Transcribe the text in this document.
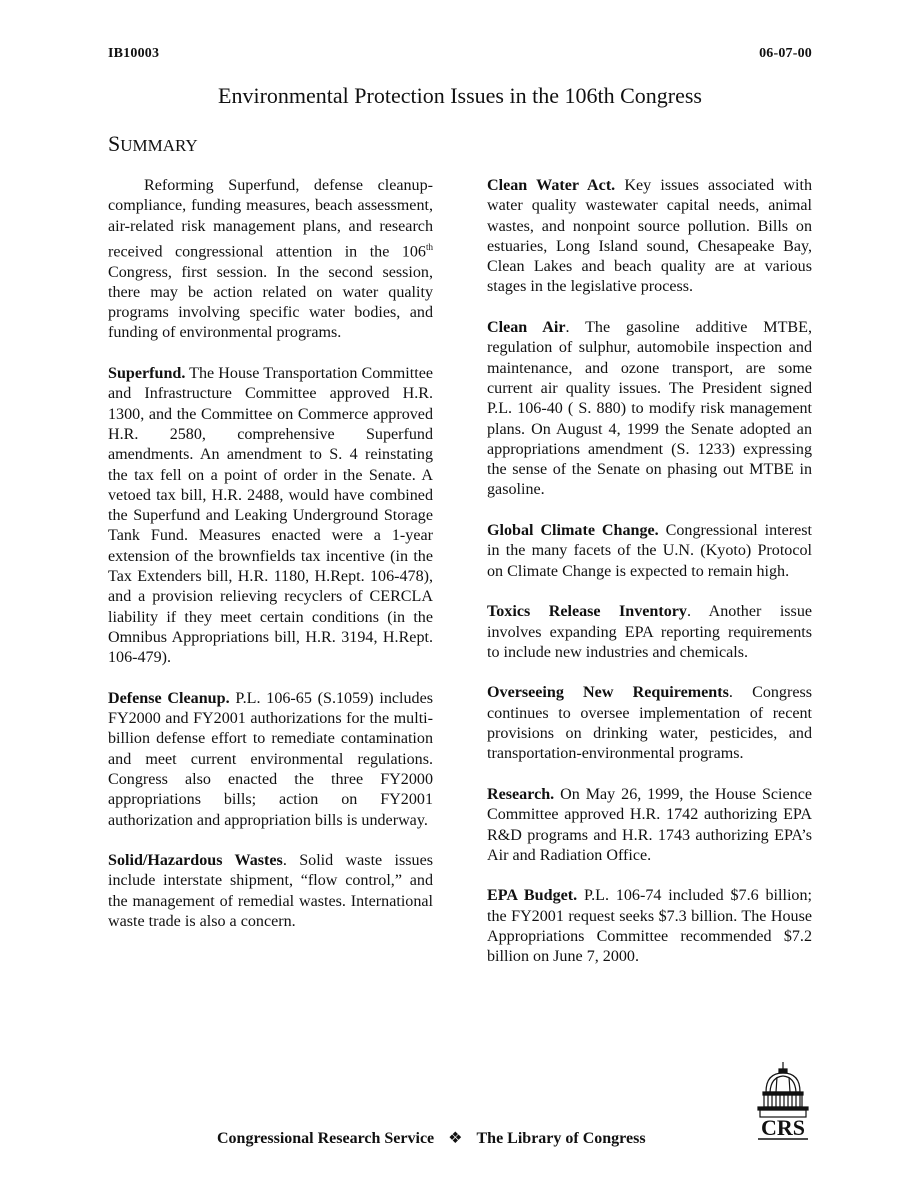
IB10003	06-07-00
Environmental Protection Issues in the 106th Congress
SUMMARY

Reforming Superfund, defense cleanup-compliance, funding measures, beach assessment, air-related risk management plans, and research received congressional attention in the 106th Congress, first session. In the second session, there may be action related on water quality programs involving specific water bodies, and funding of environmental programs.

Superfund. The House Transportation Committee and Infrastructure Committee approved H.R. 1300, and the Committee on Commerce approved H.R. 2580, comprehensive Superfund amendments. An amendment to S. 4 reinstating the tax fell on a point of order in the Senate. A vetoed tax bill, H.R. 2488, would have combined the Superfund and Leaking Underground Storage Tank Fund. Measures enacted were a 1-year extension of the brownfields tax incentive (in the Tax Extenders bill, H.R. 1180, H.Rept. 106-478), and a provision relieving recyclers of CERCLA liability if they meet certain conditions (in the Omnibus Appropriations bill, H.R. 3194, H.Rept. 106-479).

Defense Cleanup. P.L. 106-65 (S.1059) includes FY2000 and FY2001 authorizations for the multi-billion defense effort to remediate contamination and meet current environmental regulations. Congress also enacted the three FY2000 appropriations bills; action on FY2001 authorization and appropriation bills is underway.

Solid/Hazardous Wastes. Solid waste issues include interstate shipment, “flow control,” and the management of remedial wastes. International waste trade is also a concern.

Clean Water Act. Key issues associated with water quality wastewater capital needs, animal wastes, and nonpoint source pollution. Bills on estuaries, Long Island sound, Chesapeake Bay, Clean Lakes and beach quality are at various stages in the legislative process.

Clean Air. The gasoline additive MTBE, regulation of sulphur, automobile inspection and maintenance, and ozone transport, are some current air quality issues. The President signed P.L. 106-40 ( S. 880) to modify risk management plans. On August 4, 1999 the Senate adopted an appropriations amendment (S. 1233) expressing the sense of the Senate on phasing out MTBE in gasoline.

Global Climate Change. Congressional interest in the many facets of the U.N. (Kyoto) Protocol on Climate Change is expected to remain high.

Toxics Release Inventory. Another issue involves expanding EPA reporting requirements to include new industries and chemicals.

Overseeing New Requirements. Congress continues to oversee implementation of recent provisions on drinking water, pesticides, and transportation-environmental programs.

Research. On May 26, 1999, the House Science Committee approved H.R. 1742 authorizing EPA R&D programs and H.R. 1743 authorizing EPA’s Air and Radiation Office.

EPA Budget. P.L. 106-74 included $7.6 billion; the FY2001 request seeks $7.3 billion. The House Appropriations Committee recommended $7.2 billion on June 7, 2000.

Congressional Research Service ❖ The Library of Congress	CRS
